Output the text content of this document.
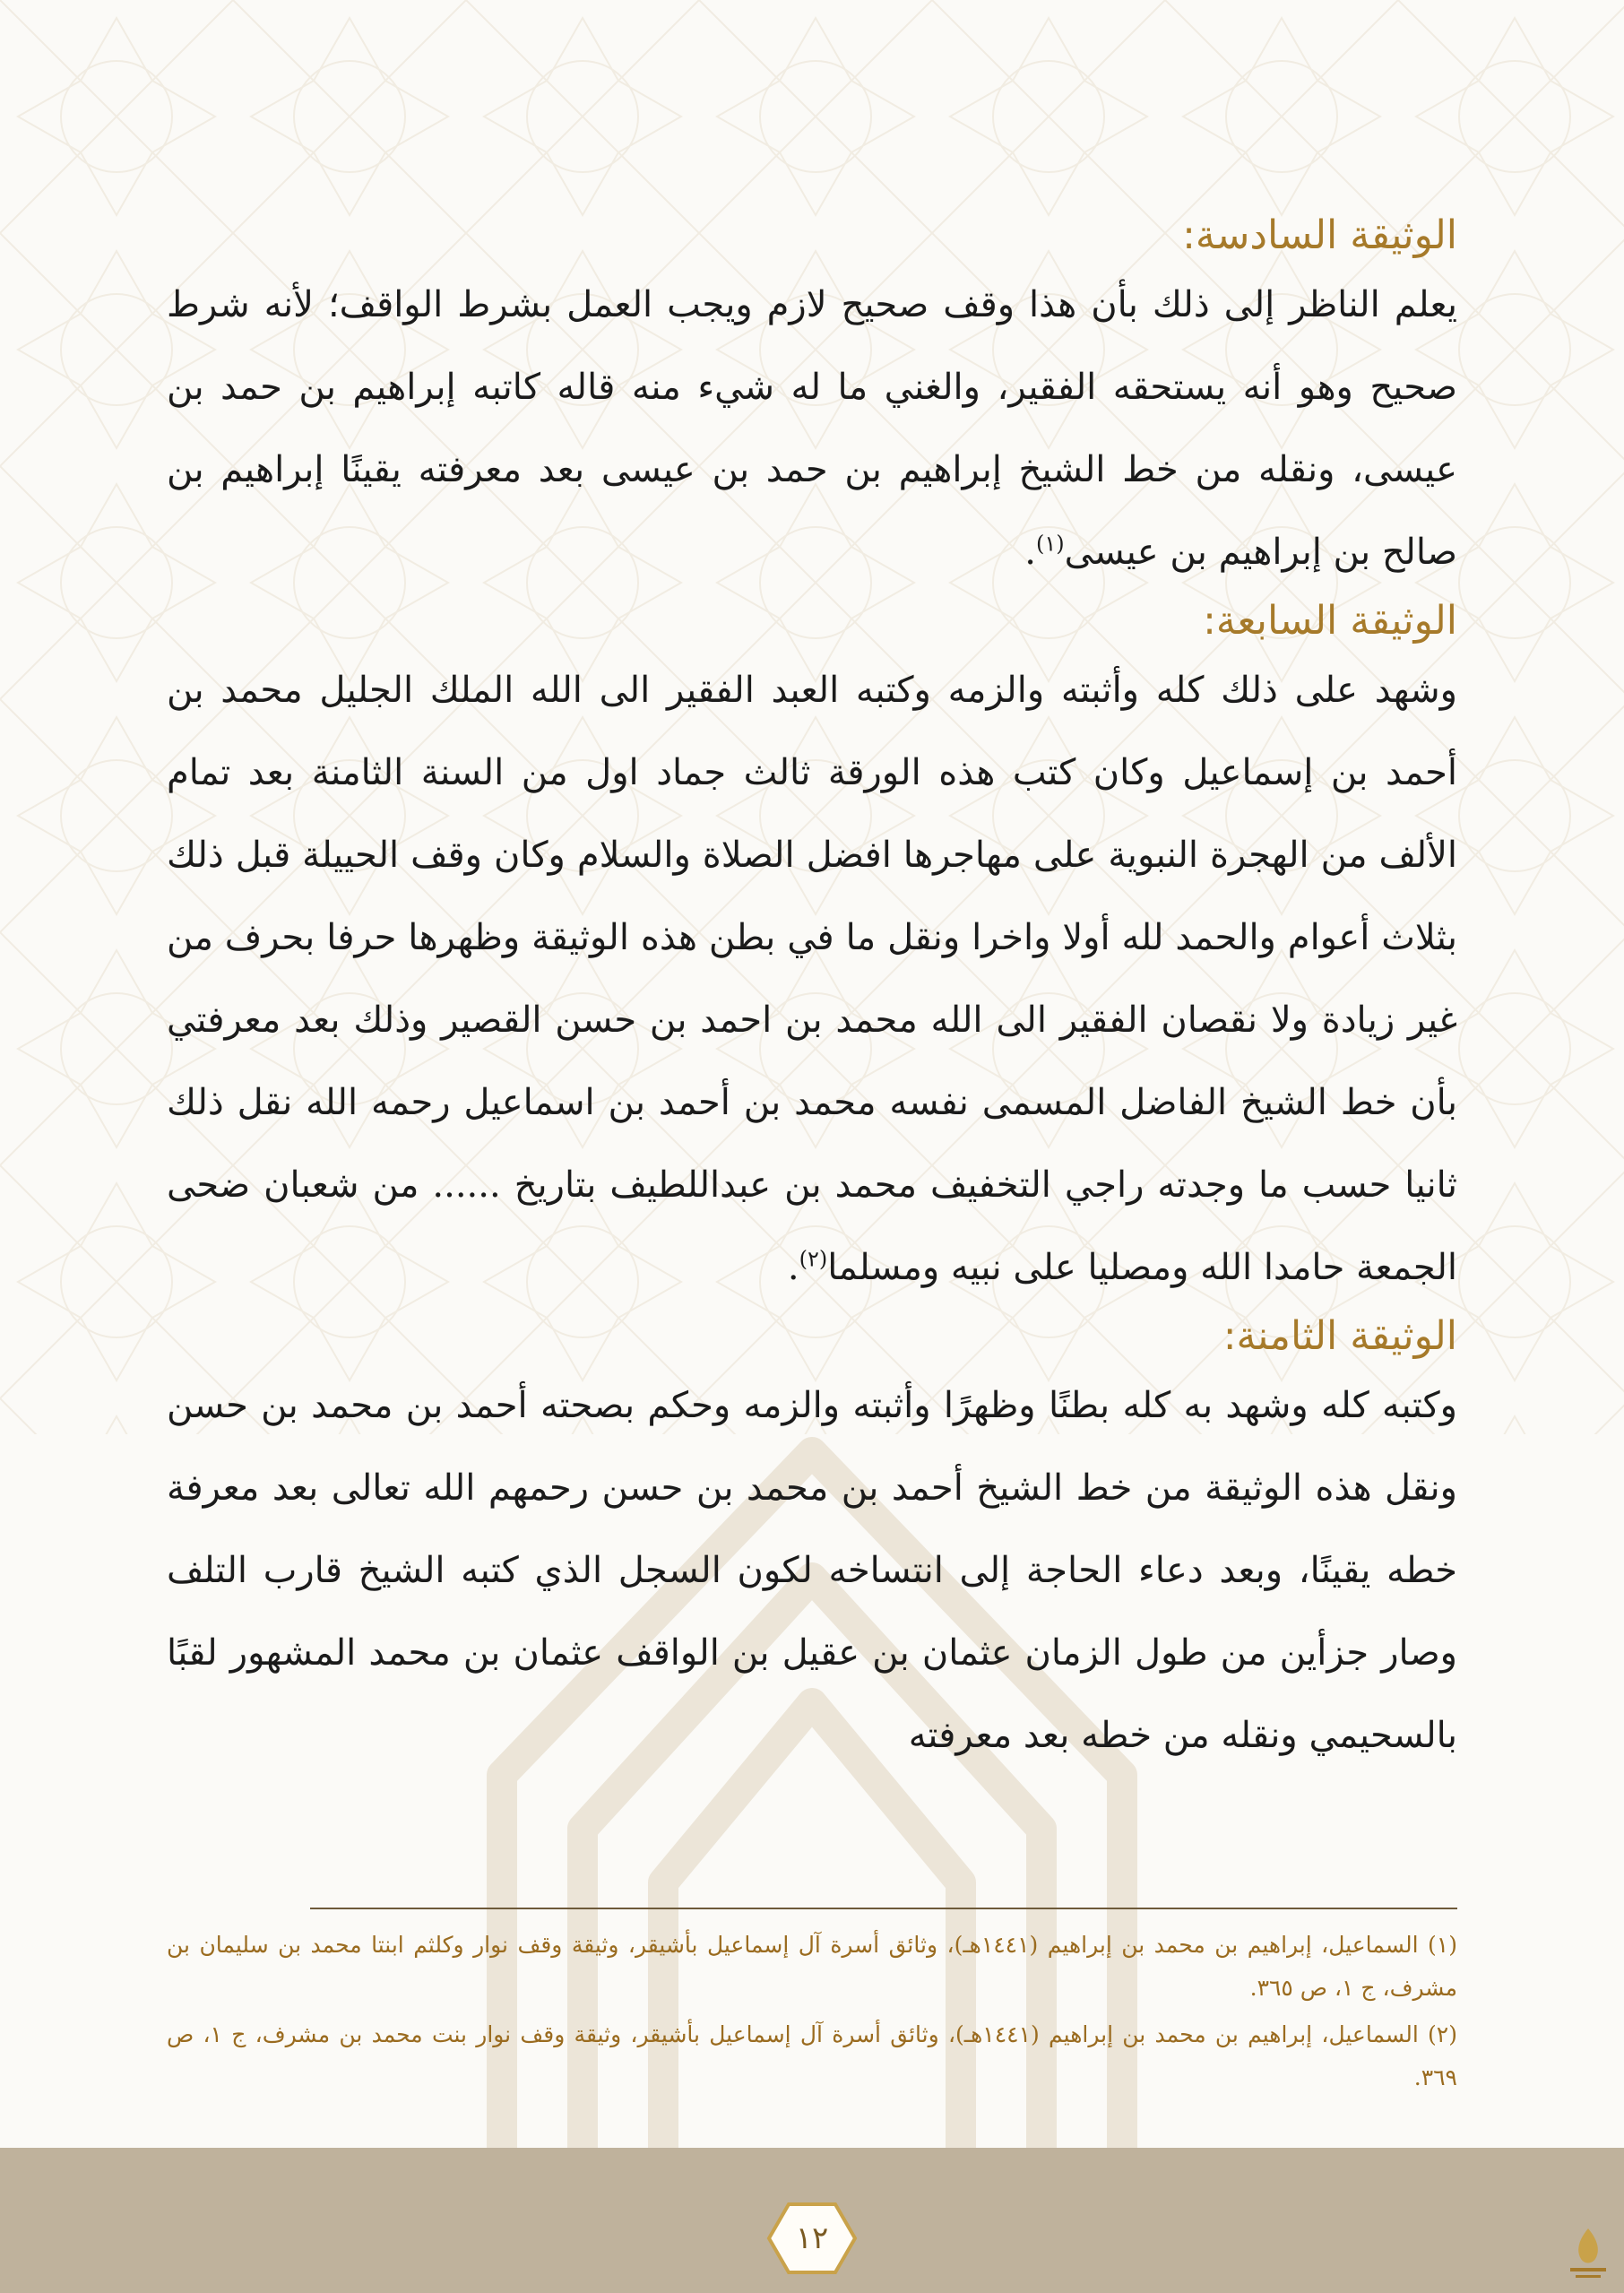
الوثيقة السادسة:

يعلم الناظر إلى ذلك بأن هذا وقف صحيح لازم ويجب العمل بشرط الواقف؛ لأنه شرط صحيح وهو أنه يستحقه الفقير، والغني ما له شيء منه قاله كاتبه إبراهيم بن حمد بن عيسى، ونقله من خط الشيخ إبراهيم بن حمد بن عيسى بعد معرفته يقينًا إبراهيم بن صالح بن إبراهيم بن عيسى$^{(١)}$.

الوثيقة السابعة:

وشهد على ذلك كله وأثبته والزمه وكتبه العبد الفقير الى الله الملك الجليل محمد بن أحمد بن إسماعيل وكان كتب هذه الورقة ثالث جماد اول من السنة الثامنة بعد تمام الألف من الهجرة النبوية على مهاجرها افضل الصلاة والسلام وكان وقف الحييلة قبل ذلك بثلاث أعوام والحمد لله أولا واخرا ونقل ما في بطن هذه الوثيقة وظهرها حرفا بحرف من غير زيادة ولا نقصان الفقير الى الله محمد بن احمد بن حسن القصير وذلك بعد معرفتي بأن خط الشيخ الفاضل المسمى نفسه محمد بن أحمد بن اسماعيل رحمه الله نقل ذلك ثانيا حسب ما وجدته راجي التخفيف محمد بن عبداللطيف بتاريخ ...... من شعبان ضحى الجمعة حامدا الله ومصليا على نبيه ومسلما$^{(٢)}$.

الوثيقة الثامنة:

وكتبه كله وشهد به كله بطنًا وظهرًا وأثبته والزمه وحكم بصحته أحمد بن محمد بن حسن ونقل هذه الوثيقة من خط الشيخ أحمد بن محمد بن حسن رحمهم الله تعالى بعد معرفة خطه يقينًا، وبعد دعاء الحاجة إلى انتساخه لكون السجل الذي كتبه الشيخ قارب التلف وصار جزأين من طول الزمان عثمان بن عقيل بن الواقف عثمان بن محمد المشهور لقبًا بالسحيمي ونقله من خطه بعد معرفته

(١) السماعيل، إبراهيم بن محمد بن إبراهيم (١٤٤١هـ)، وثائق أسرة آل إسماعيل بأشيقر، وثيقة وقف نوار وكلثم ابنتا محمد بن سليمان بن مشرف، ج ١، ص ٣٦٥.

(٢) السماعيل، إبراهيم بن محمد بن إبراهيم (١٤٤١هـ)، وثائق أسرة آل إسماعيل بأشيقر، وثيقة وقف نوار بنت محمد بن مشرف، ج ١، ص ٣٦٩.

١٢
